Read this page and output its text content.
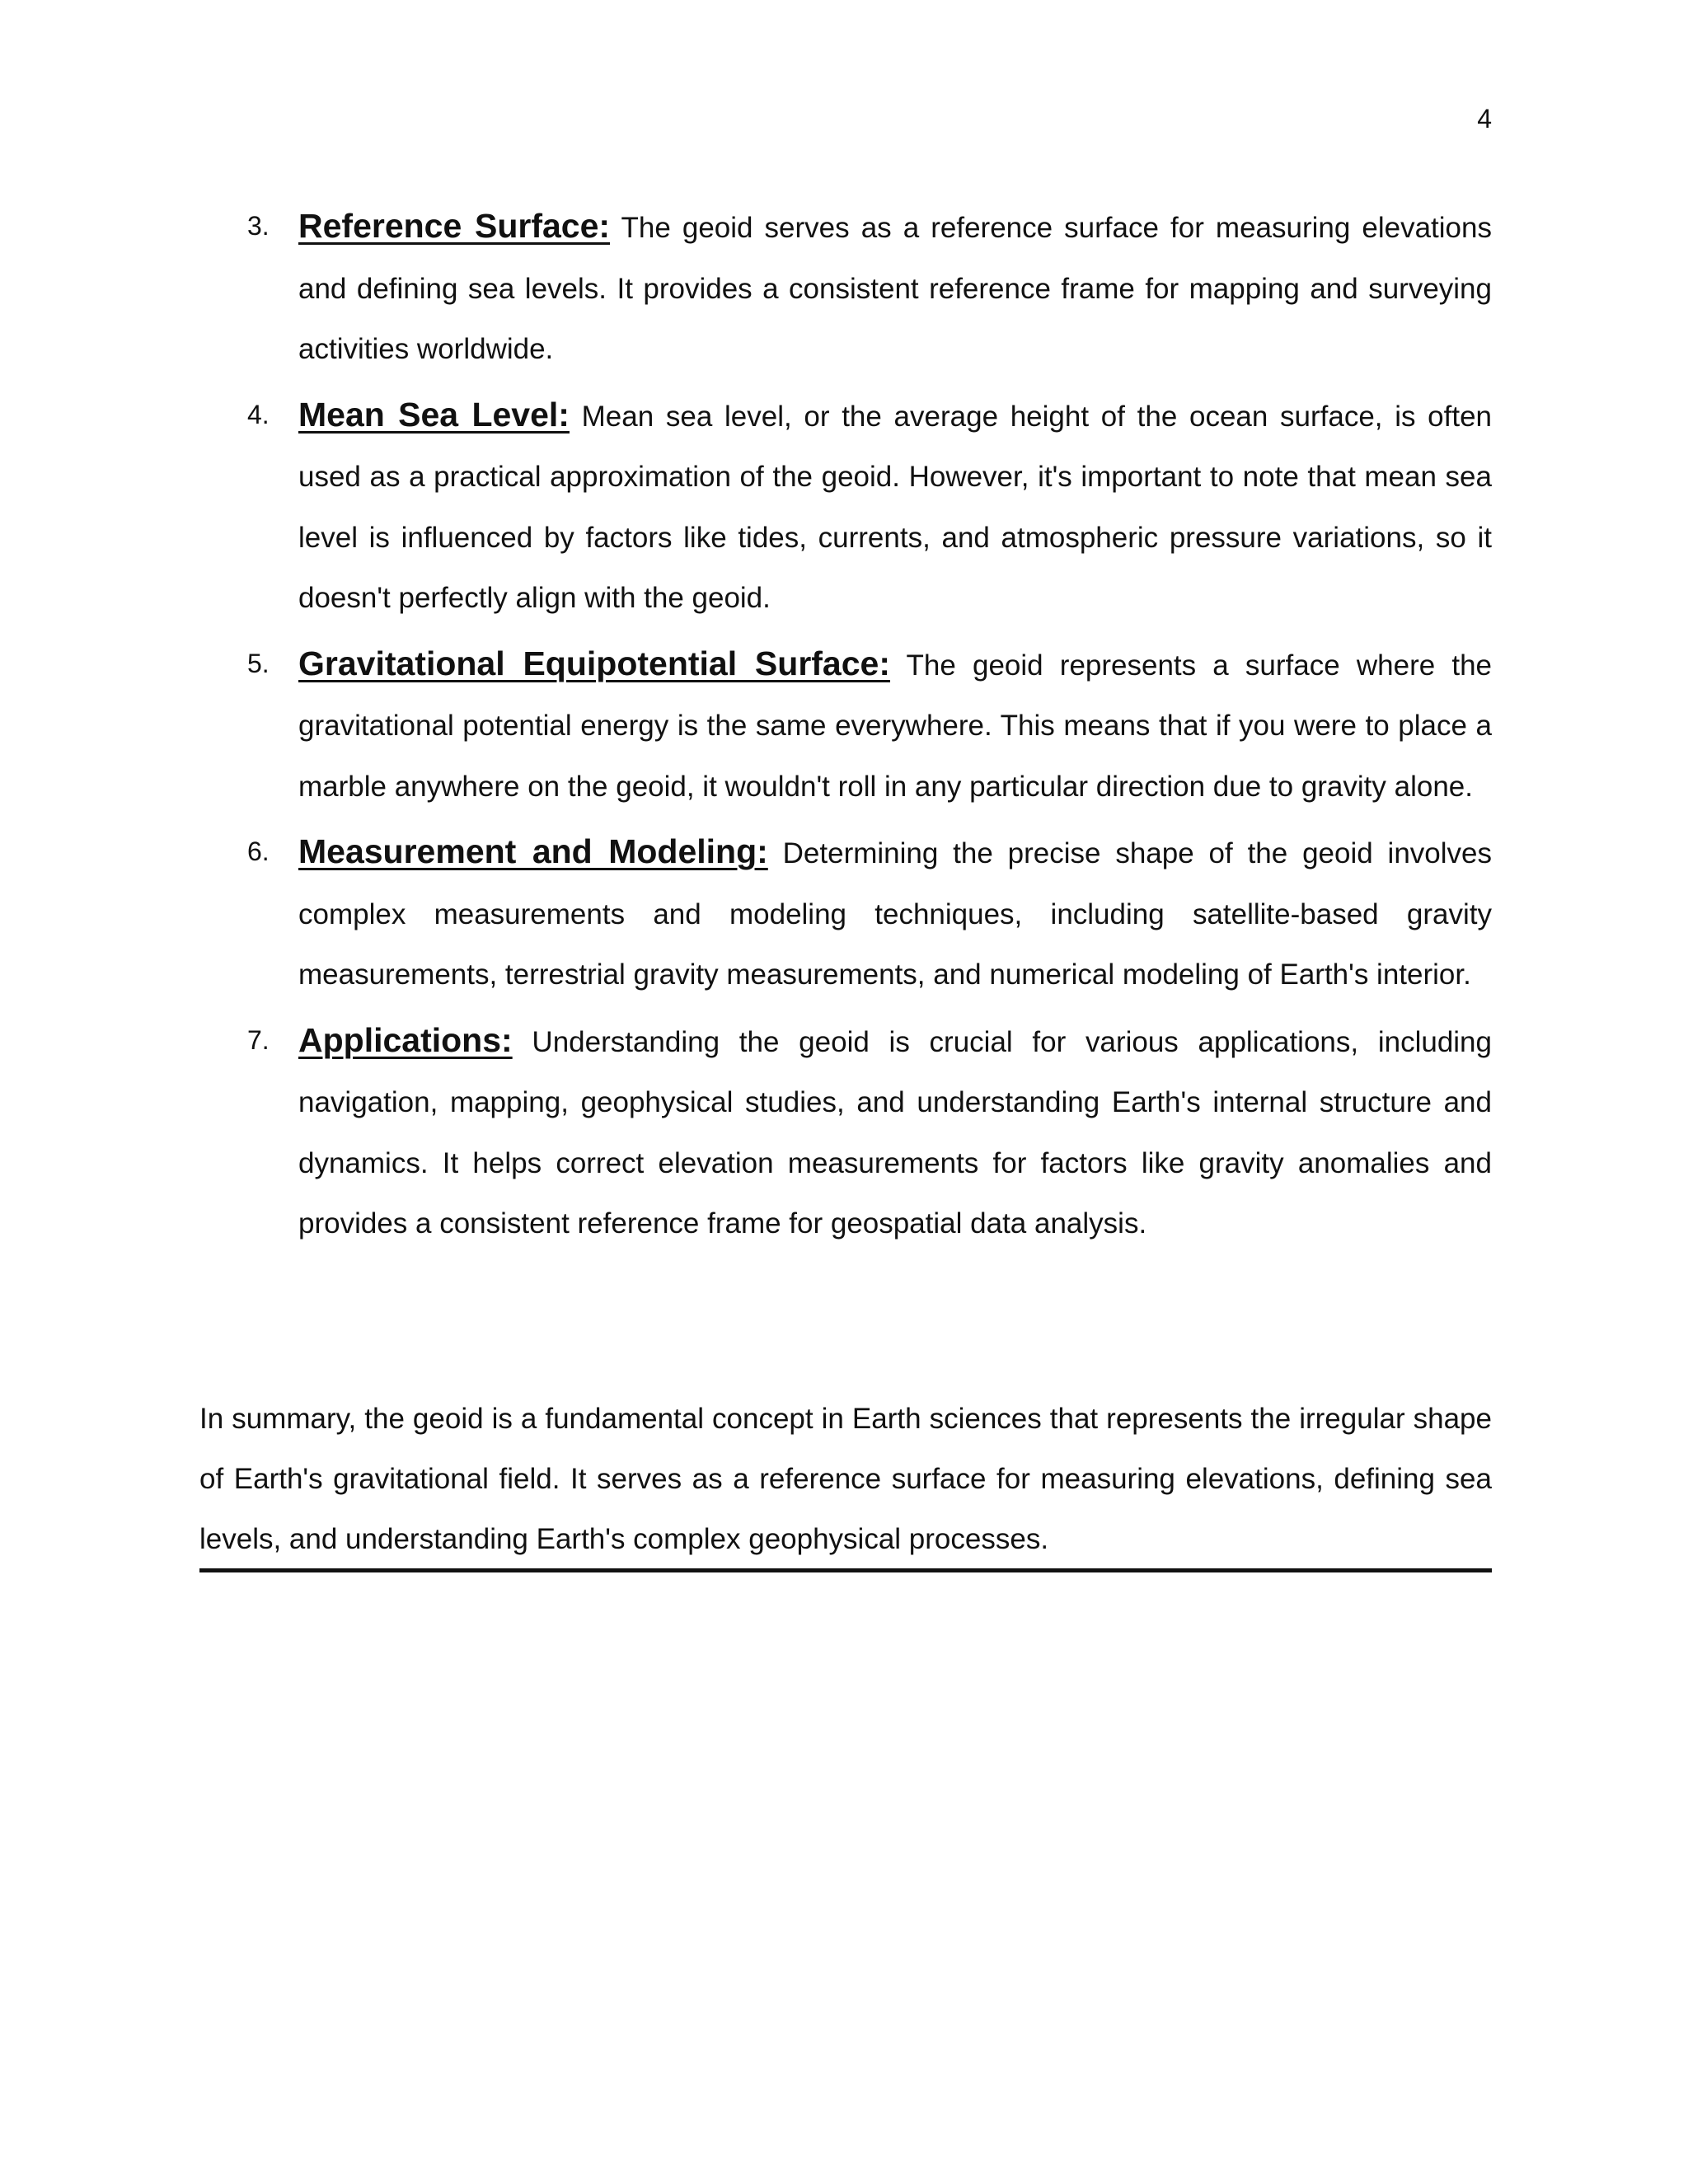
4
3. Reference Surface: The geoid serves as a reference surface for measuring elevations and defining sea levels. It provides a consistent reference frame for mapping and surveying activities worldwide.
4. Mean Sea Level: Mean sea level, or the average height of the ocean surface, is often used as a practical approximation of the geoid. However, it's important to note that mean sea level is influenced by factors like tides, currents, and atmospheric pressure variations, so it doesn't perfectly align with the geoid.
5. Gravitational Equipotential Surface: The geoid represents a surface where the gravitational potential energy is the same everywhere. This means that if you were to place a marble anywhere on the geoid, it wouldn't roll in any particular direction due to gravity alone.
6. Measurement and Modeling: Determining the precise shape of the geoid involves complex measurements and modeling techniques, including satellite-based gravity measurements, terrestrial gravity measurements, and numerical modeling of Earth's interior.
7. Applications: Understanding the geoid is crucial for various applications, including navigation, mapping, geophysical studies, and understanding Earth's internal structure and dynamics. It helps correct elevation measurements for factors like gravity anomalies and provides a consistent reference frame for geospatial data analysis.

In summary, the geoid is a fundamental concept in Earth sciences that represents the irregular shape of Earth's gravitational field. It serves as a reference surface for measuring elevations, defining sea levels, and understanding Earth's complex geophysical processes.
